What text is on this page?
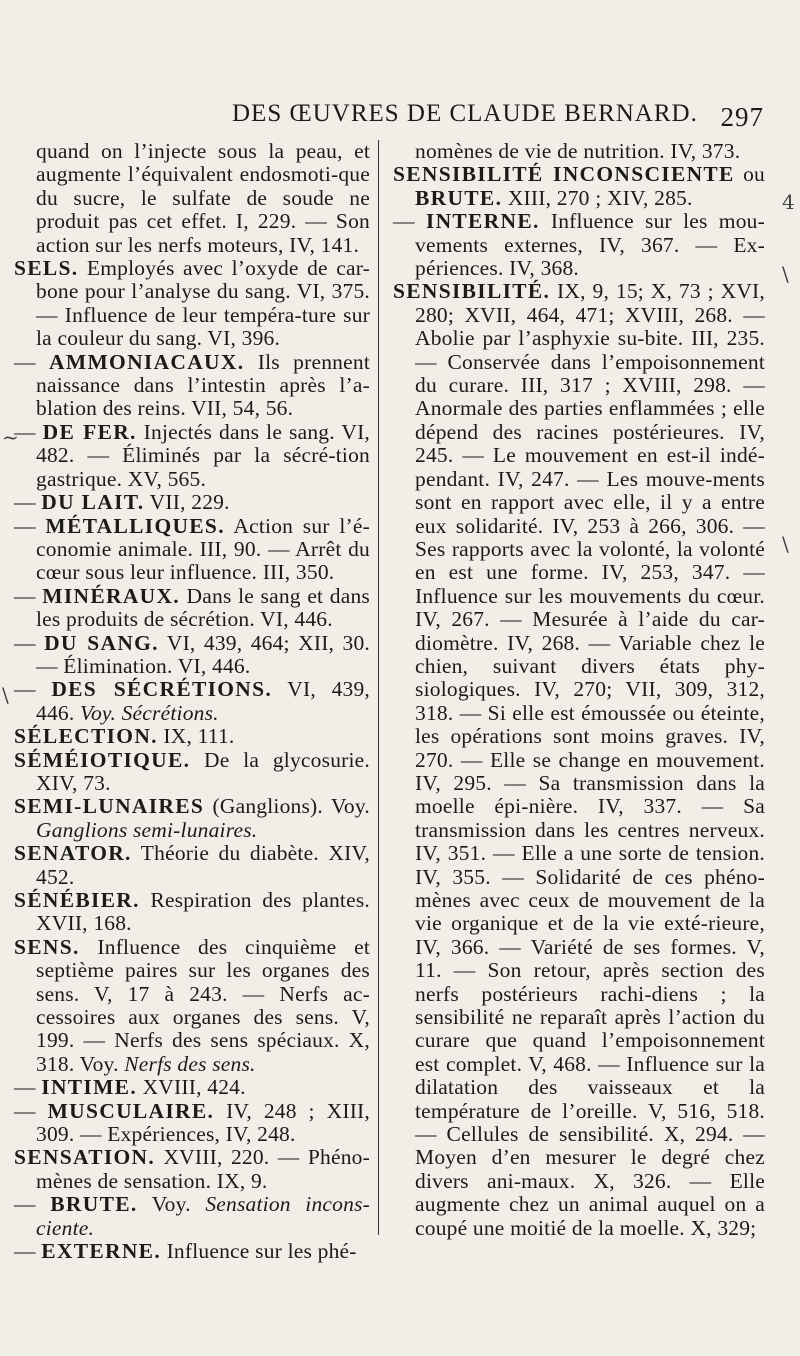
DES ŒUVRES DE CLAUDE BERNARD. 297

quand on l’injecte sous la peau, et augmente l’équivalent endosmoti-que du sucre, le sulfate de soude ne produit pas cet effet. I, 229. — Son action sur les nerfs moteurs, IV, 141.

SELS. Employés avec l’oxyde de car-bone pour l’analyse du sang. VI, 375. — Influence de leur tempéra-ture sur la couleur du sang. VI, 396.

— AMMONIACAUX. Ils prennent naissance dans l’intestin après l’a-blation des reins. VII, 54, 56.

— DE FER. Injectés dans le sang. VI, 482. — Éliminés par la sécré-tion gastrique. XV, 565.

— DU LAIT. VII, 229.

— MÉTALLIQUES. Action sur l’é-conomie animale. III, 90. — Arrêt du cœur sous leur influence. III, 350.

— MINÉRAUX. Dans le sang et dans les produits de sécrétion. VI, 446.

— DU SANG. VI, 439, 464; XII, 30. — Élimination. VI, 446.

— DES SÉCRÉTIONS. VI, 439, 446. Voy. Sécrétions.

SÉLECTION. IX, 111.

SÉMÉIOTIQUE. De la glycosurie. XIV, 73.

SEMI-LUNAIRES (Ganglions). Voy. Ganglions semi-lunaires.

SENATOR. Théorie du diabète. XIV, 452.

SÉNÉBIER. Respiration des plantes. XVII, 168.

SENS. Influence des cinquième et septième paires sur les organes des sens. V, 17 à 243. — Nerfs ac-cessoires aux organes des sens. V, 199. — Nerfs des sens spéciaux. X, 318. Voy. Nerfs des sens.

— INTIME. XVIII, 424.

— MUSCULAIRE. IV, 248 ; XIII, 309. — Expériences, IV, 248.

SENSATION. XVIII, 220. — Phéno-mènes de sensation. IX, 9.

— BRUTE. Voy. Sensation incons-ciente.

— EXTERNE. Influence sur les phé-

nomènes de vie de nutrition. IV, 373.

SENSIBILITÉ INCONSCIENTE ou BRUTE. XIII, 270 ; XIV, 285.

— INTERNE. Influence sur les mou-vements externes, IV, 367. — Ex-périences. IV, 368.

SENSIBILITÉ. IX, 9, 15; X, 73 ; XVI, 280; XVII, 464, 471; XVIII, 268. — Abolie par l’asphyxie su-bite. III, 235. — Conservée dans l’empoisonnement du curare. III, 317 ; XVIII, 298. — Anormale des parties enflammées ; elle dépend des racines postérieures. IV, 245. — Le mouvement en est-il indé-pendant. IV, 247. — Les mouve-ments sont en rapport avec elle, il y a entre eux solidarité. IV, 253 à 266, 306. — Ses rapports avec la volonté, la volonté en est une forme. IV, 253, 347. — Influence sur les mouvements du cœur. IV, 267. — Mesurée à l’aide du car-diomètre. IV, 268. — Variable chez le chien, suivant divers états phy-siologiques. IV, 270; VII, 309, 312, 318. — Si elle est émoussée ou éteinte, les opérations sont moins graves. IV, 270. — Elle se change en mouvement. IV, 295. — Sa transmission dans la moelle épi-nière. IV, 337. — Sa transmission dans les centres nerveux. IV, 351. — Elle a une sorte de tension. IV, 355. — Solidarité de ces phéno-mènes avec ceux de mouvement de la vie organique et de la vie exté-rieure, IV, 366. — Variété de ses formes. V, 11. — Son retour, après section des nerfs postérieurs rachi-diens ; la sensibilité ne reparaît après l’action du curare que quand l’empoisonnement est complet. V, 468. — Influence sur la dilatation des vaisseaux et la température de l’oreille. V, 516, 518. — Cellules de sensibilité. X, 294. — Moyen d’en mesurer le degré chez divers ani-maux. X, 326. — Elle augmente chez un animal auquel on a coupé une moitié de la moelle. X, 329;

~
\
4
\
\
